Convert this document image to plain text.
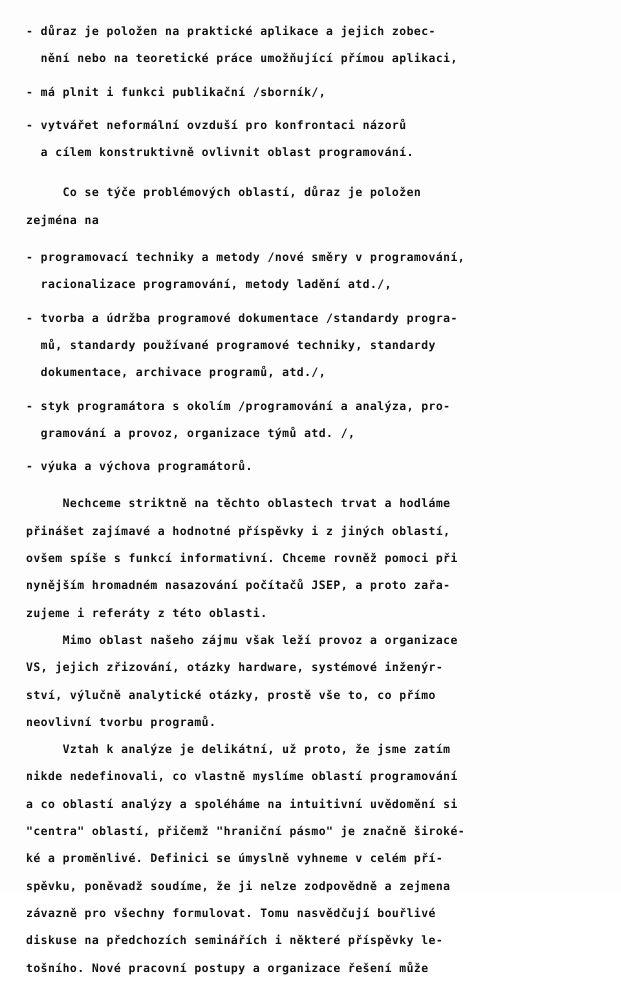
- důraz je položen na praktické aplikace a jejich zobec-
nění nebo na teoretické práce umožňující přímou aplikaci,
- má plnit i funkci publikační /sborník/,
- vytvářet neformální ovzduší pro konfrontaci názorů
a cílem konstruktivně ovlivnit oblast programování.
Co se týče problémových oblastí, důraz je položen
zejména na
- programovací techniky a metody /nové směry v programování,
racionalizace programování, metody ladění atd./,
- tvorba a údržba programové dokumentace /standardy progra-
mů, standardy používané programové techniky, standardy
dokumentace, archivace programů, atd./,
- styk programátora s okolím /programování a analýza, pro-
gramování a provoz, organizace týmů atd. /,
- výuka a výchova programátorů.
Nechceme striktně na těchto oblastech trvat a hodláme
přinášet zajímavé a hodnotné příspěvky i z jiných oblastí,
ovšem spíše s funkcí informativní. Chceme rovněž pomoci při
nynějším hromadném nasazování počítačů JSEP, a proto zařa-
zujeme i referáty z této oblasti.
Mimo oblast našeho zájmu však leží provoz a organizace
VS, jejich zřizování, otázky hardware, systémové inženýr-
ství, výlučně analytické otázky, prostě vše to, co přímo
neovlivní tvorbu programů.
Vztah k analýze je delikátní, už proto, že jsme zatím
nikde nedefinovali, co vlastně myslíme oblastí programování
a co oblastí analýzy a spoléháme na intuitivní uvědomění si
"centra" oblastí, přičemž "hraniční pásmo" je značně široké-
ké a proměnlivé. Definici se úmyslně vyhneme v celém pří-
spěvku, poněvadž soudíme, že ji nelze zodpovědně a zejmena
závazně pro všechny formulovat. Tomu nasvědčují bouřlivé
diskuse na předchozích seminářích i některé příspěvky le-
tošního. Nové pracovní postupy a organizace řešení může
